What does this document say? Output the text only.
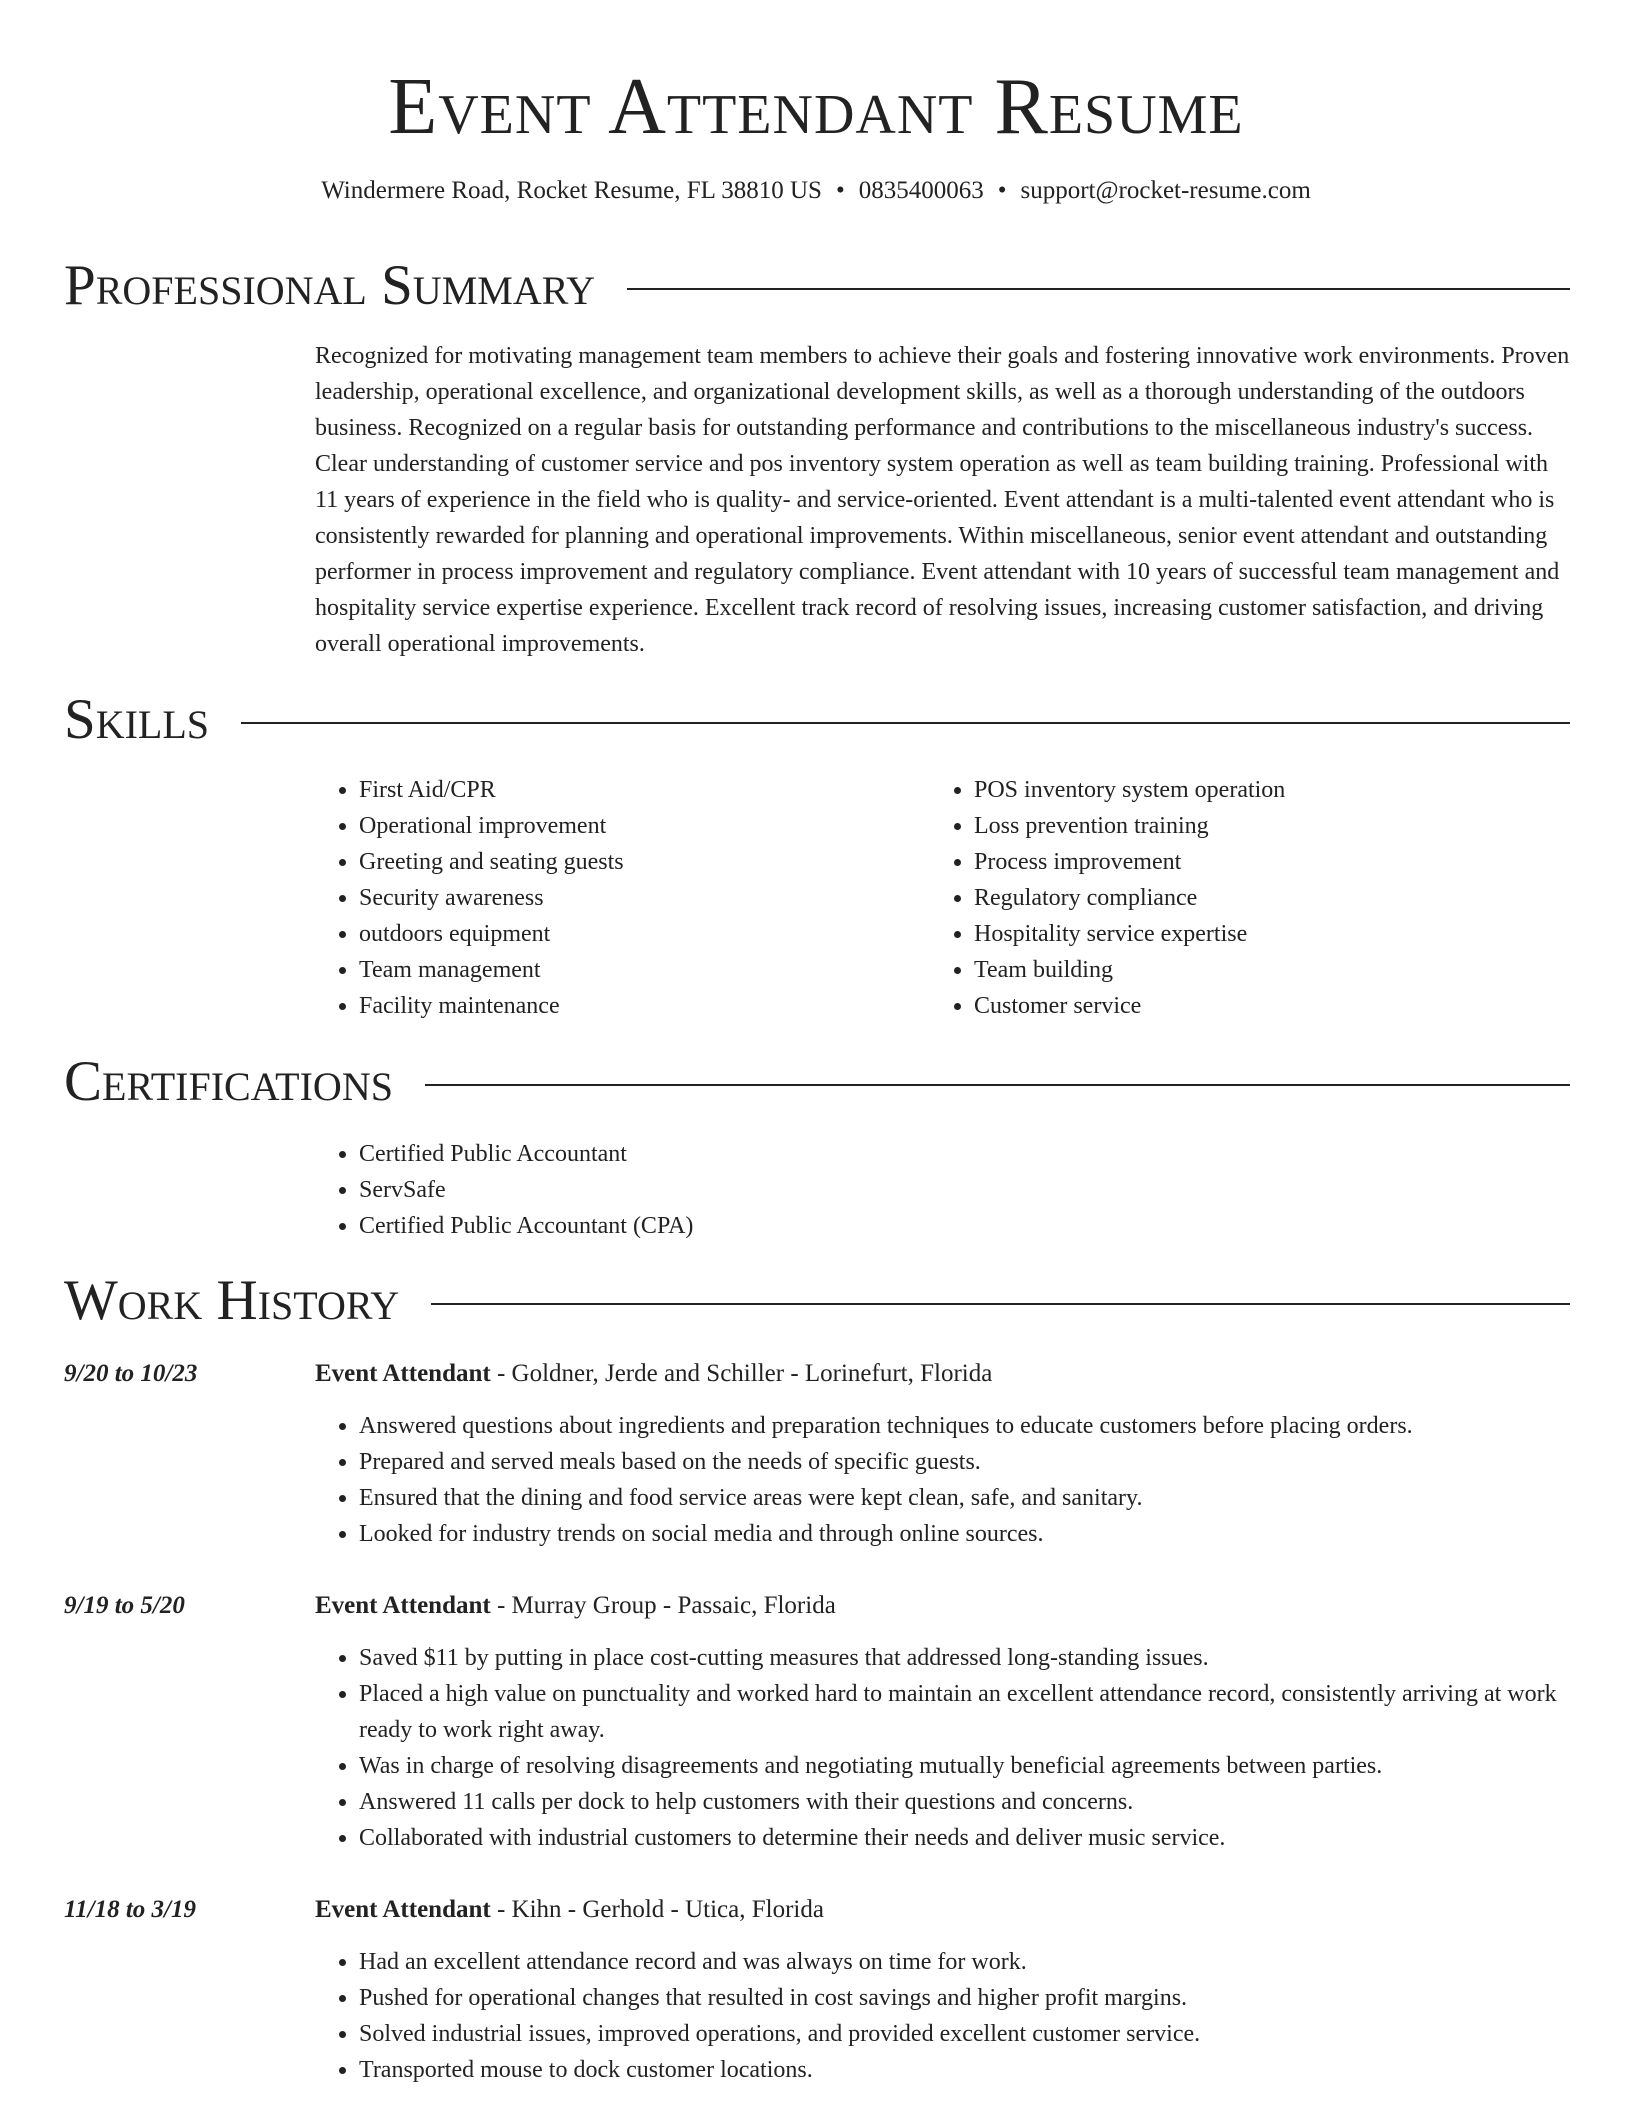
Event Attendant Resume
Windermere Road, Rocket Resume, FL 38810 US • 0835400063 • support@rocket-resume.com
Professional Summary

Recognized for motivating management team members to achieve their goals and fostering innovative work environments. Proven leadership, operational excellence, and organizational development skills, as well as a thorough understanding of the outdoors business. Recognized on a regular basis for outstanding performance and contributions to the miscellaneous industry's success. Clear understanding of customer service and pos inventory system operation as well as team building training. Professional with 11 years of experience in the field who is quality- and service-oriented. Event attendant is a multi-talented event attendant who is consistently rewarded for planning and operational improvements. Within miscellaneous, senior event attendant and outstanding performer in process improvement and regulatory compliance. Event attendant with 10 years of successful team management and hospitality service expertise experience. Excellent track record of resolving issues, increasing customer satisfaction, and driving overall operational improvements.

Skills
• First Aid/CPR
• Operational improvement
• Greeting and seating guests
• Security awareness
• outdoors equipment
• Team management
• Facility maintenance
• POS inventory system operation
• Loss prevention training
• Process improvement
• Regulatory compliance
• Hospitality service expertise
• Team building
• Customer service
Certifications
• Certified Public Accountant
• ServSafe
• Certified Public Accountant (CPA)
Work History
9/20 to 10/23	Event Attendant - Goldner, Jerde and Schiller - Lorinefurt, Florida
• Answered questions about ingredients and preparation techniques to educate customers before placing orders.
• Prepared and served meals based on the needs of specific guests.
• Ensured that the dining and food service areas were kept clean, safe, and sanitary.
• Looked for industry trends on social media and through online sources.
9/19 to 5/20	Event Attendant - Murray Group - Passaic, Florida
• Saved $11 by putting in place cost-cutting measures that addressed long-standing issues.
• Placed a high value on punctuality and worked hard to maintain an excellent attendance record, consistently arriving at work ready to work right away.
• Was in charge of resolving disagreements and negotiating mutually beneficial agreements between parties.
• Answered 11 calls per dock to help customers with their questions and concerns.
• Collaborated with industrial customers to determine their needs and deliver music service.
11/18 to 3/19	Event Attendant - Kihn - Gerhold - Utica, Florida
• Had an excellent attendance record and was always on time for work.
• Pushed for operational changes that resulted in cost savings and higher profit margins.
• Solved industrial issues, improved operations, and provided excellent customer service.
• Transported mouse to dock customer locations.
